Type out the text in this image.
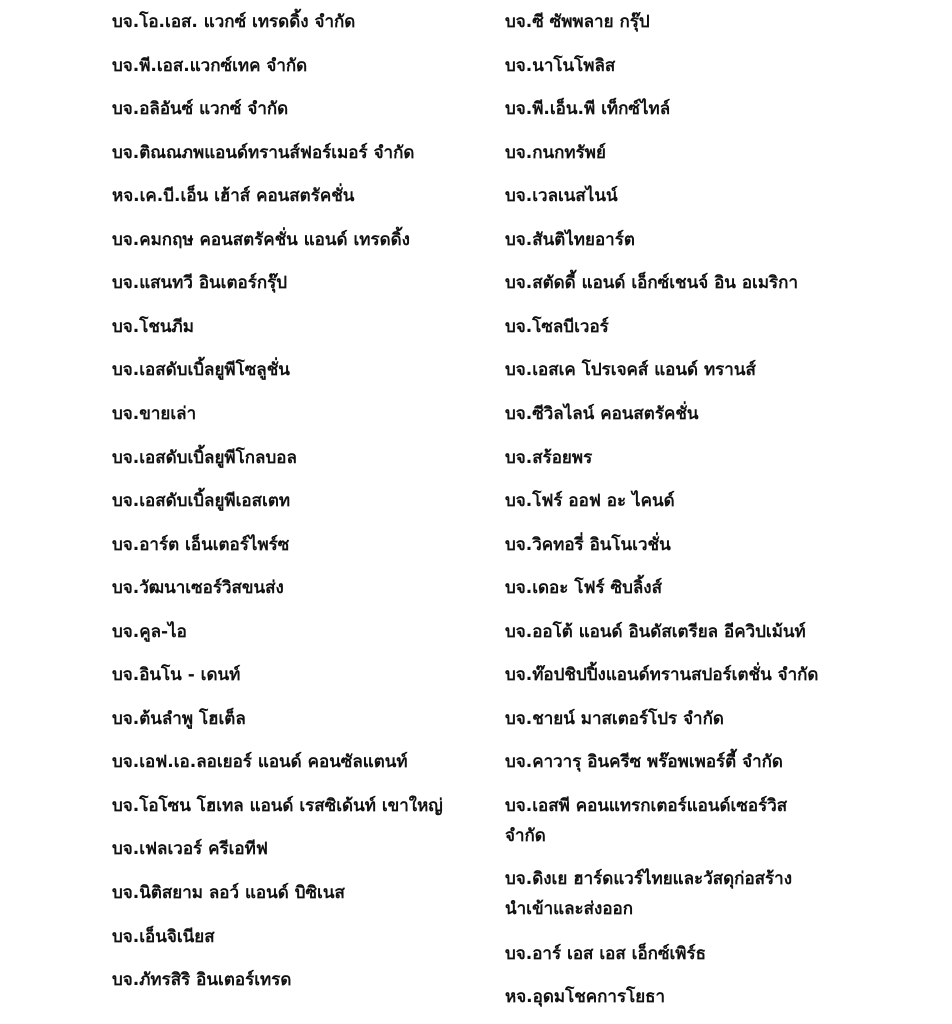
บจ.โอ.เอส. แวกซ์ เทรดดิ้ง จำกัด
บจ.พี.เอส.แวกซ์เทค จำกัด
บจ.อลิอันซ์ แวกซ์ จำกัด
บจ.ติณณภพแอนด์ทรานส์ฟอร์เมอร์ จำกัด
หจ.เค.บี.เอ็น เฮ้าส์ คอนสตรัคชั่น
บจ.คมกฤษ คอนสตรัคชั่น แอนด์ เทรดดิ้ง
บจ.แสนทวี อินเตอร์กรุ๊ป
บจ.โชนภีม
บจ.เอสดับเบิ้ลยูพีโซลูชั่น
บจ.ขายเล่า
บจ.เอสดับเบิ้ลยูพีโกลบอล
บจ.เอสดับเบิ้ลยูพีเอสเตท
บจ.อาร์ต เอ็นเตอร์ไพร์ซ
บจ.วัฒนาเซอร์วิสขนส่ง
บจ.คูล-ไอ
บจ.อินโน - เดนท์
บจ.ต้นลำพู โฮเต็ล
บจ.เอฟ.เอ.ลอเยอร์ แอนด์ คอนซัลแตนท์
บจ.โอโซน โฮเทล แอนด์ เรสซิเด้นท์ เขาใหญ่
บจ.เฟลเวอร์ ครีเอทีฟ
บจ.นิติสยาม ลอว์ แอนด์ บิซิเนส
บจ.เอ็นจิเนียส
บจ.ภัทรสิริ อินเตอร์เทรด
บจ.ซี ซัพพลาย กรุ๊ป
บจ.นาโนโพลิส
บจ.พี.เอ็น.พี เท็กซ์ไทล์
บจ.กนกทรัพย์
บจ.เวลเนสไนน์
บจ.สันติไทยอาร์ต
บจ.สตัดดี้ แอนด์ เอ็กซ์เชนจ์ อิน อเมริกา
บจ.โซลบีเวอร์
บจ.เอสเค โปรเจคส์ แอนด์ ทรานส์
บจ.ซีวิลไลน์ คอนสตรัคชั่น
บจ.สร้อยพร
บจ.โฟร์ ออฟ อะ ไคนด์
บจ.วิคทอรี่ อินโนเวชั่น
บจ.เดอะ โฟร์ ซิบลิ้งส์
บจ.ออโต้ แอนด์ อินดัสเตรียล อีควิปเม้นท์
บจ.ท๊อปชิปปิ้งแอนด์ทรานสปอร์เตชั่น จำกัด
บจ.ชายน์ มาสเตอร์โปร จำกัด
บจ.คาวารุ อินครีซ พร๊อพเพอร์ตี้ จำกัด
บจ.เอสพี คอนแทรกเตอร์แอนด์เซอร์วิส จำกัด
บจ.ดิงเย ฮาร์ดแวร์ไทยและวัสดุก่อสร้าง นำเข้าและส่งออก
บจ.อาร์ เอส เอส เอ็กซ์เพิร์ธ
หจ.อุดมโชคการโยธา
